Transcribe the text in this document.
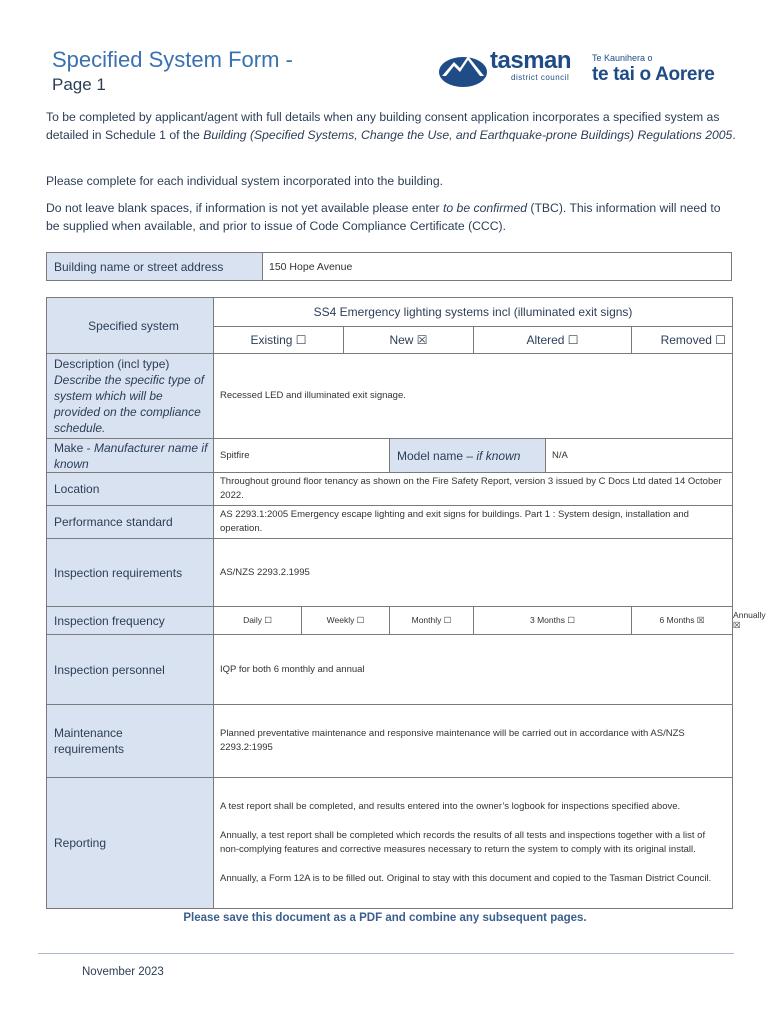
Specified System Form -
Page 1
tasman
district council
Te Kaunihera o
te tai o Aorere
To be completed by applicant/agent with full details when any building consent application incorporates a specified system as detailed in Schedule 1 of the Building (Specified Systems, Change the Use, and Earthquake-prone Buildings) Regulations 2005.
Please complete for each individual system incorporated into the building.
Do not leave blank spaces, if information is not yet available please enter to be confirmed (TBC). This information will need to be supplied when available, and prior to issue of Code Compliance Certificate (CCC).
Building name or street address	150 Hope Avenue
Specified system	SS4 Emergency lighting systems incl (illuminated exit signs)							
	Existing ☐		New ☒		Altered ☐		Removed ☐	
Description (incl type)
Describe the specific type of system which will be provided on the compliance schedule.	Recessed LED and illuminated exit signage.							
Make - Manufacturer name if known	Spitfire			Model name – if known		N/A		
Location	Throughout ground floor tenancy as shown on the Fire Safety Report, version 3 issued by C Docs Ltd dated 14 October 2022.							
Performance standard	AS 2293.1:2005 Emergency escape lighting and exit signs for buildings. Part 1 : System design, installation and operation.							
Inspection requirements	AS/NZS 2293.2.1995							
Inspection frequency	Daily ☐	Weekly ☐		Monthly ☐	3 Months ☐		6 Months ☒	Annually ☒
Inspection personnel	IQP for both 6 monthly and annual							
Maintenance requirements	Planned preventative maintenance and responsive maintenance will be carried out in accordance with AS/NZS 2293.2:1995							
Reporting	A test report shall be completed, and results entered into the owner’s logbook for inspections specified above.
Annually, a test report shall be completed which records the results of all tests and inspections together with a list of non-complying features and corrective measures necessary to return the system to comply with its original install.
Annually, a Form 12A is to be filled out. Original to stay with this document and copied to the Tasman District Council.							
Please save this document as a PDF and combine any subsequent pages.
November 2023
